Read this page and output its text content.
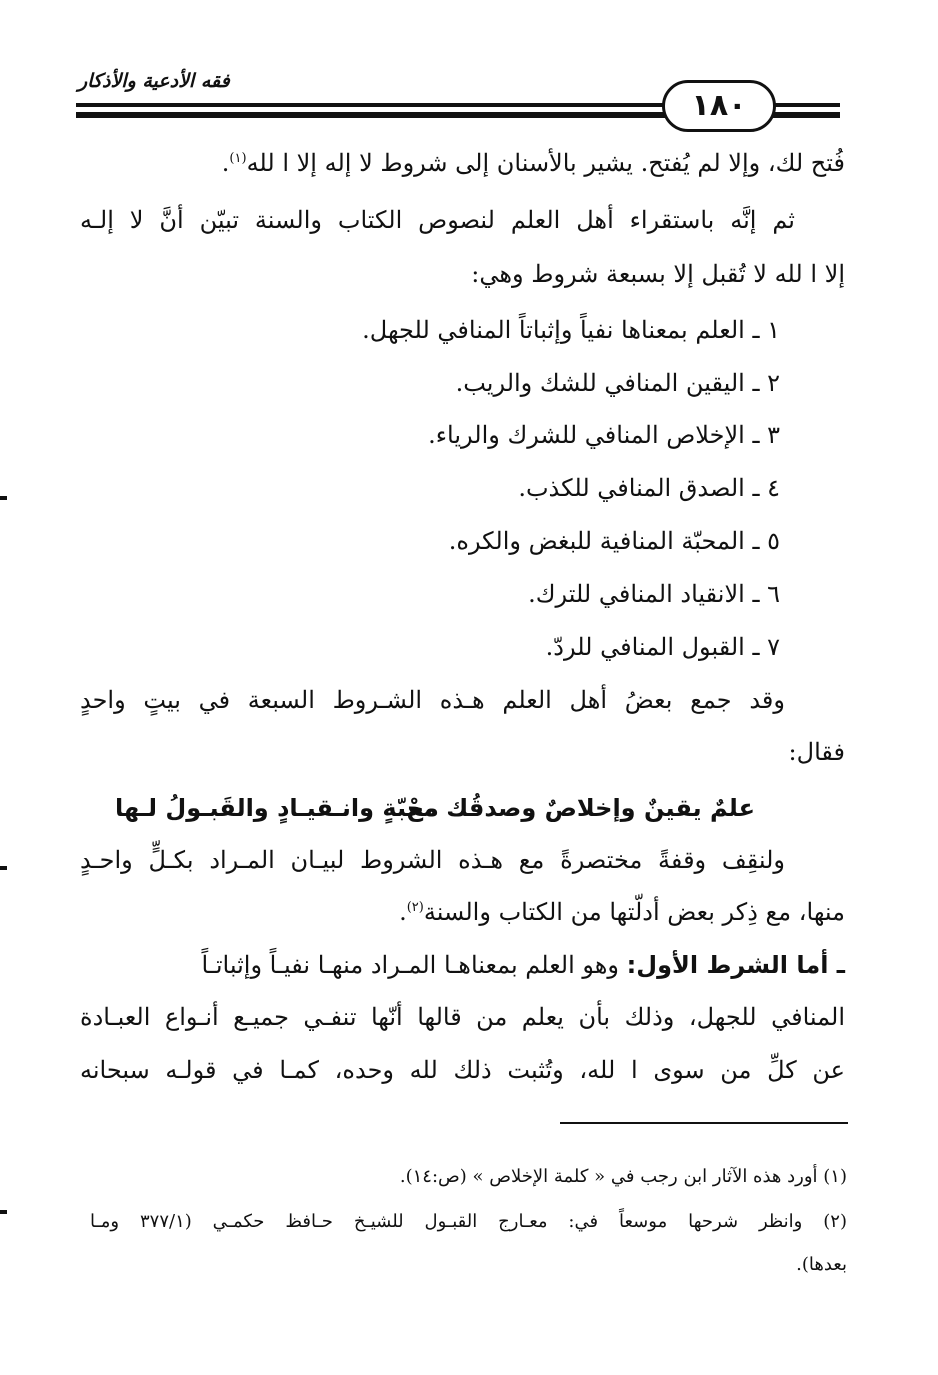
فقه الأدعية والأذكار
١٨٠
فُتح لك، وإلا لم يُفتح. يشير بالأسنان إلى شروط لا إله إلا ا لله$^{(١)}$.
ثم إنَّه باستقراء أهل العلم لنصوص الكتاب والسنة تبيّن أنَّ لا إلـه
إلا ا لله لا تُقبل إلا بسبعة شروط وهي:
١ ـ العلم بمعناها نفياً وإثباتاً المنافي للجهل.
٢ ـ اليقين المنافي للشك والريب.
٣ ـ الإخلاص المنافي للشرك والرياء.
٤ ـ الصدق المنافي للكذب.
٥ ـ المحبّة المنافية للبغض والكره.
٦ ـ الانقياد المنافي للترك.
٧ ـ القبول المنافي للردّ.
وقد جمع بعضُ أهل العلم هـذه الشـروط السبعة في بيتٍ واحدٍ
فقال:
علمٌ يقينٌ وإخلاصٌ وصدقُك معْ
محبّةٍ وانـقيـادٍ والقَبـولُ لـها
ولنقِف وقفةً مختصرةً مع هـذه الشروط لبيـان المـراد بكـلٍّ واحـدٍ
منها، مع ذِكر بعض أدلّتها من الكتاب والسنة$^{(٢)}$.
ـ أما الشرط الأول: وهو العلم بمعناهـا المـراد منهـا نفيـاً وإثباتـاً
المنافي للجهل، وذلك بأن يعلم من قالها أنّها تنفـي جميـع أنـواع العبـادة
عن كلِّ من سوى ا لله، وتُثبت ذلك لله وحده، كمـا في قولـه سبحانه
(١) أورد هذه الآثار ابن رجب في « كلمة الإخلاص » (ص:١٤).
(٢) وانظر شرحها موسعاً في: معـارج القبـول للشيـخ حـافظ حكمـي (٣٧٧/١ ومـا
بعدها).
